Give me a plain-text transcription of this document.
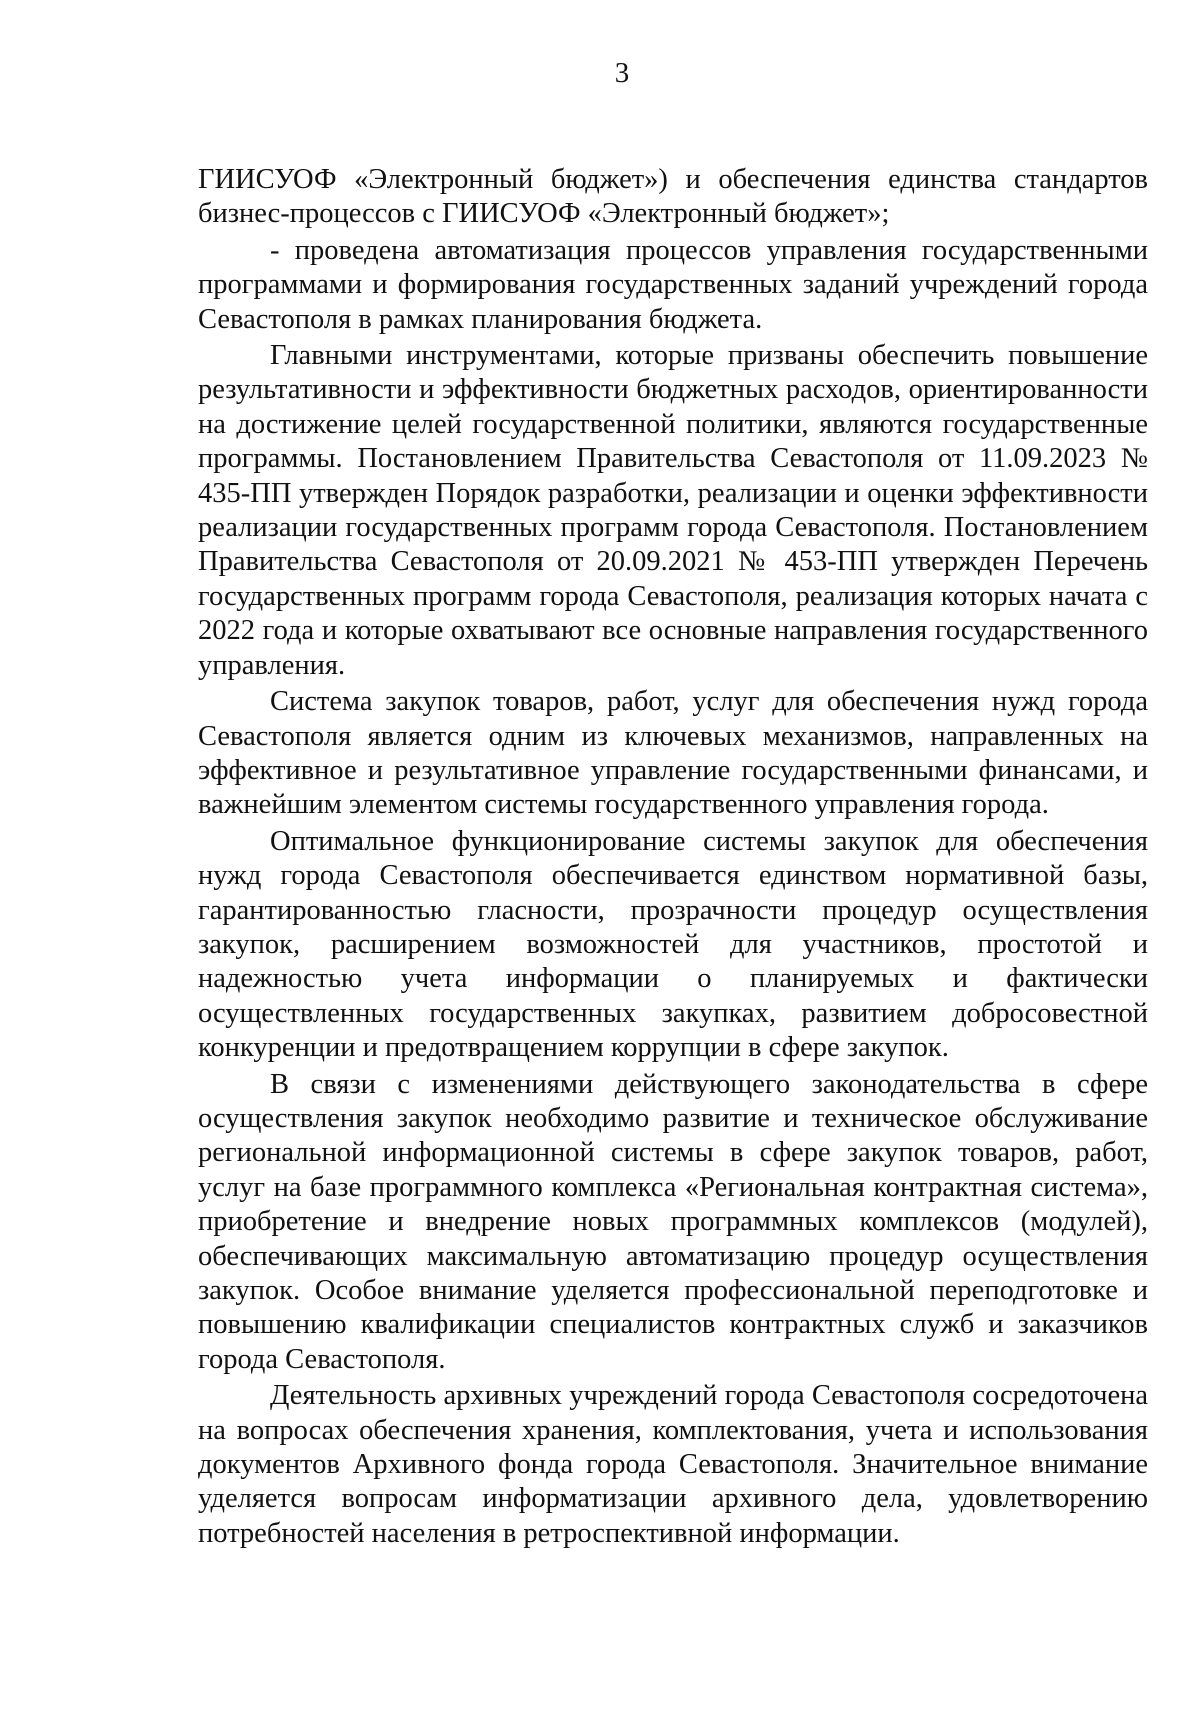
3

ГИИСУОФ «Электронный бюджет») и обеспечения единства стандартов бизнес-процессов с ГИИСУОФ «Электронный бюджет»;

- проведена автоматизация процессов управления государственными программами и формирования государственных заданий учреждений города Севастополя в рамках планирования бюджета.

Главными инструментами, которые призваны обеспечить повышение результативности и эффективности бюджетных расходов, ориентированности на достижение целей государственной политики, являются государственные программы. Постановлением Правительства Севастополя от 11.09.2023 № 435-ПП утвержден Порядок разработки, реализации и оценки эффективности реализации государственных программ города Севастополя. Постановлением Правительства Севастополя от 20.09.2021 № 453-ПП утвержден Перечень государственных программ города Севастополя, реализация которых начата с 2022 года и которые охватывают все основные направления государственного управления.

Система закупок товаров, работ, услуг для обеспечения нужд города Севастополя является одним из ключевых механизмов, направленных на эффективное и результативное управление государственными финансами, и важнейшим элементом системы государственного управления города.

Оптимальное функционирование системы закупок для обеспечения нужд города Севастополя обеспечивается единством нормативной базы, гарантированностью гласности, прозрачности процедур осуществления закупок, расширением возможностей для участников, простотой и надежностью учета информации о планируемых и фактически осуществленных государственных закупках, развитием добросовестной конкуренции и предотвращением коррупции в сфере закупок.

В связи с изменениями действующего законодательства в сфере осуществления закупок необходимо развитие и техническое обслуживание региональной информационной системы в сфере закупок товаров, работ, услуг на базе программного комплекса «Региональная контрактная система», приобретение и внедрение новых программных комплексов (модулей), обеспечивающих максимальную автоматизацию процедур осуществления закупок. Особое внимание уделяется профессиональной переподготовке и повышению квалификации специалистов контрактных служб и заказчиков города Севастополя.

Деятельность архивных учреждений города Севастополя сосредоточена на вопросах обеспечения хранения, комплектования, учета и использования документов Архивного фонда города Севастополя. Значительное внимание уделяется вопросам информатизации архивного дела, удовлетворению потребностей населения в ретроспективной информации.
